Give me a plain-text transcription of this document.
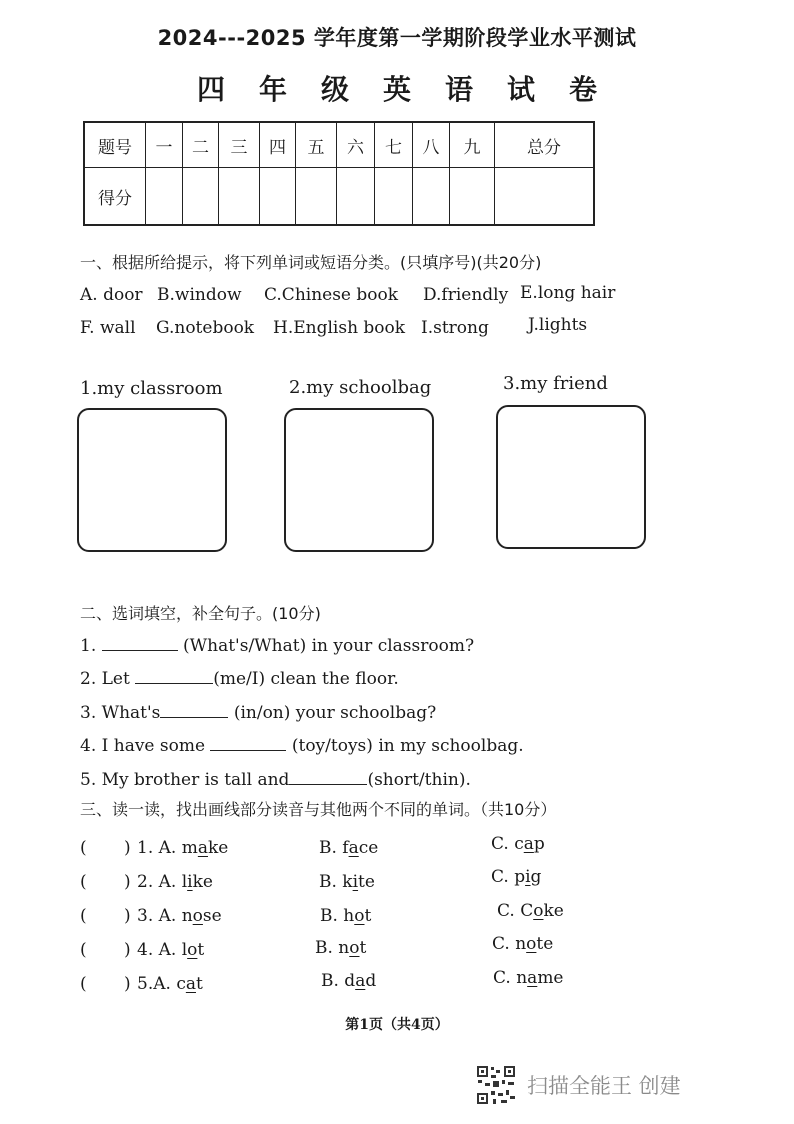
2024---2025 学年度第一学期阶段学业水平测试
四年级英语试卷
题号	一	二	三	四	五	六	七	八	九	总分
得分										
一、根据所给提示，将下列单词或短语分类。(只填序号)(共20分)
A. door B.window C.Chinese book D.friendly E.long hair
F. wall G.notebook H.English book I.strong J.lights
1.my classroom	2.my schoolbag	3.my friend
二、选词填空，补全句子。(10分)
1.	(What's/What) in your classroom?
2. Let	(me/I) clean the floor.
3. What's	(in/on) your schoolbag?
4. I have some	(toy/toys) in my schoolbag.
5. My brother is tall and	(short/thin).
三、读一读，找出画线部分读音与其他两个不同的单词。（共10分）
( ) 1. A. make	B. face	C. cap
( ) 2. A. like	B. kite	C. pig
( ) 3. A. nose	B. hot	C. Coke
( ) 4. A. lot	B. not	C. note
( ) 5.A. cat	B. dad	C. name
第1页（共4页）
扫描全能王 创建
